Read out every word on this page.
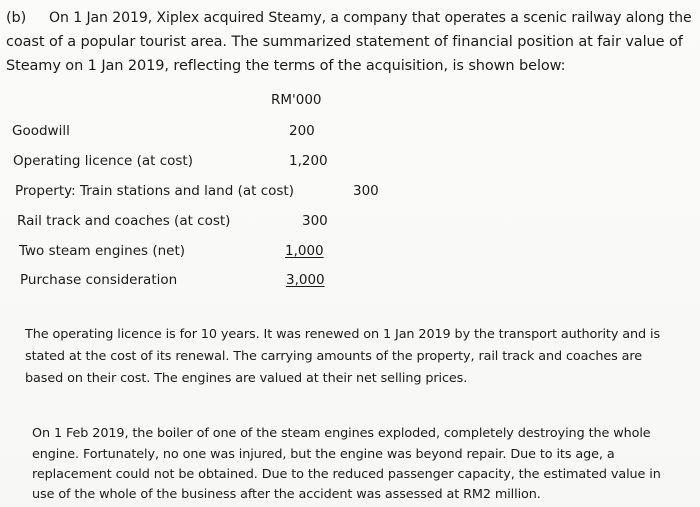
(b) On 1 Jan 2019, Xiplex acquired Steamy, a company that operates a scenic railway along the
coast of a popular tourist area. The summarized statement of financial position at fair value of
Steamy on 1 Jan 2019, reflecting the terms of the acquisition, is shown below:
RM'000
Goodwill	200
Operating licence (at cost)	1,200
Property: Train stations and land (at cost)	300
Rail track and coaches (at cost)	300
Two steam engines (net)	1,000
Purchase consideration	3,000
The operating licence is for 10 years. It was renewed on 1 Jan 2019 by the transport authority and is
stated at the cost of its renewal. The carrying amounts of the property, rail track and coaches are
based on their cost. The engines are valued at their net selling prices.
On 1 Feb 2019, the boiler of one of the steam engines exploded, completely destroying the whole
engine. Fortunately, no one was injured, but the engine was beyond repair. Due to its age, a
replacement could not be obtained. Due to the reduced passenger capacity, the estimated value in
use of the whole of the business after the accident was assessed at RM2 million.
